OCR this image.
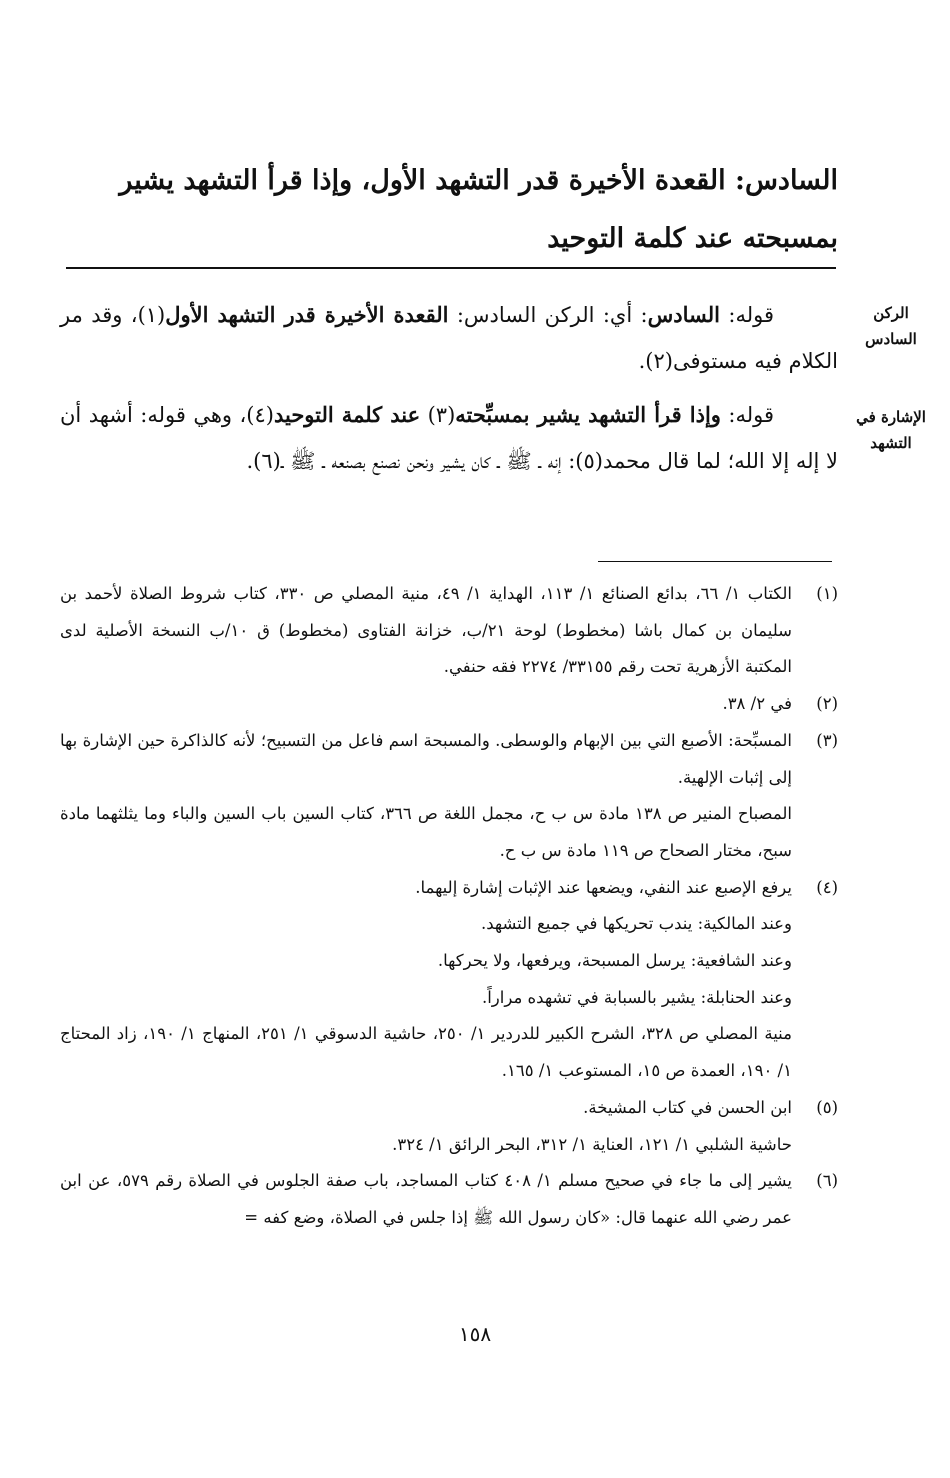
السادس: القعدة الأخيرة قدر التشهد الأول، وإذا قرأ التشهد يشير بمسبحته عند كلمة التوحيد
الركن السادس
الإشارة في التشهد
قوله: السادس: أي: الركن السادس: القعدة الأخيرة قدر التشهد الأول(١)، وقد مر الكلام فيه مستوفى(٢).
قوله: وإذا قرأ التشهد يشير بمسبِّحته(٣) عند كلمة التوحيد(٤)، وهي قوله: أشهد أن لا إله إلا الله؛ لما قال محمد(٥): إنه ـ ﷺ ـ كان يشير ونحن نصنع بصنعه ـ ﷺ ـ(٦).
(١)
الكتاب ١/ ٦٦، بدائع الصنائع ١/ ١١٣، الهداية ١/ ٤٩، منية المصلي ص ٣٣٠، كتاب شروط الصلاة لأحمد بن سليمان بن كمال باشا (مخطوط) لوحة ٢١/ب، خزانة الفتاوى (مخطوط) ق ١٠/ب النسخة الأصلية لدى المكتبة الأزهرية تحت رقم ٣٣١٥٥/ ٢٢٧٤ فقه حنفي.
(٢)
في ٢/ ٣٨.
(٣)
المسبِّحة: الأصبع التي بين الإبهام والوسطى. والمسبحة اسم فاعل من التسبيح؛ لأنه كالذاكرة حين الإشارة بها إلى إثبات الإلهية.
المصباح المنير ص ١٣٨ مادة س ب ح، مجمل اللغة ص ٣٦٦، كتاب السين باب السين والباء وما يثلثهما مادة سبح، مختار الصحاح ص ١١٩ مادة س ب ح.
(٤)
يرفع الإصبع عند النفي، ويضعها عند الإثبات إشارة إليهما.
وعند المالكية: يندب تحريكها في جميع التشهد.
وعند الشافعية: يرسل المسبحة، ويرفعها، ولا يحركها.
وعند الحنابلة: يشير بالسبابة في تشهده مراراً.
منية المصلي ص ٣٢٨، الشرح الكبير للدردير ١/ ٢٥٠، حاشية الدسوقي ١/ ٢٥١، المنهاج ١/ ١٩٠، زاد المحتاج ١/ ١٩٠، العمدة ص ١٥، المستوعب ١/ ١٦٥.
(٥)
ابن الحسن في كتاب المشيخة.
حاشية الشلبي ١/ ١٢١، العناية ١/ ٣١٢، البحر الرائق ١/ ٣٢٤.
(٦)
يشير إلى ما جاء في صحيح مسلم ١/ ٤٠٨ كتاب المساجد، باب صفة الجلوس في الصلاة رقم ٥٧٩، عن ابن عمر رضي الله عنهما قال: «كان رسول الله ﷺ إذا جلس في الصلاة، وضع كفه =
١٥٨
